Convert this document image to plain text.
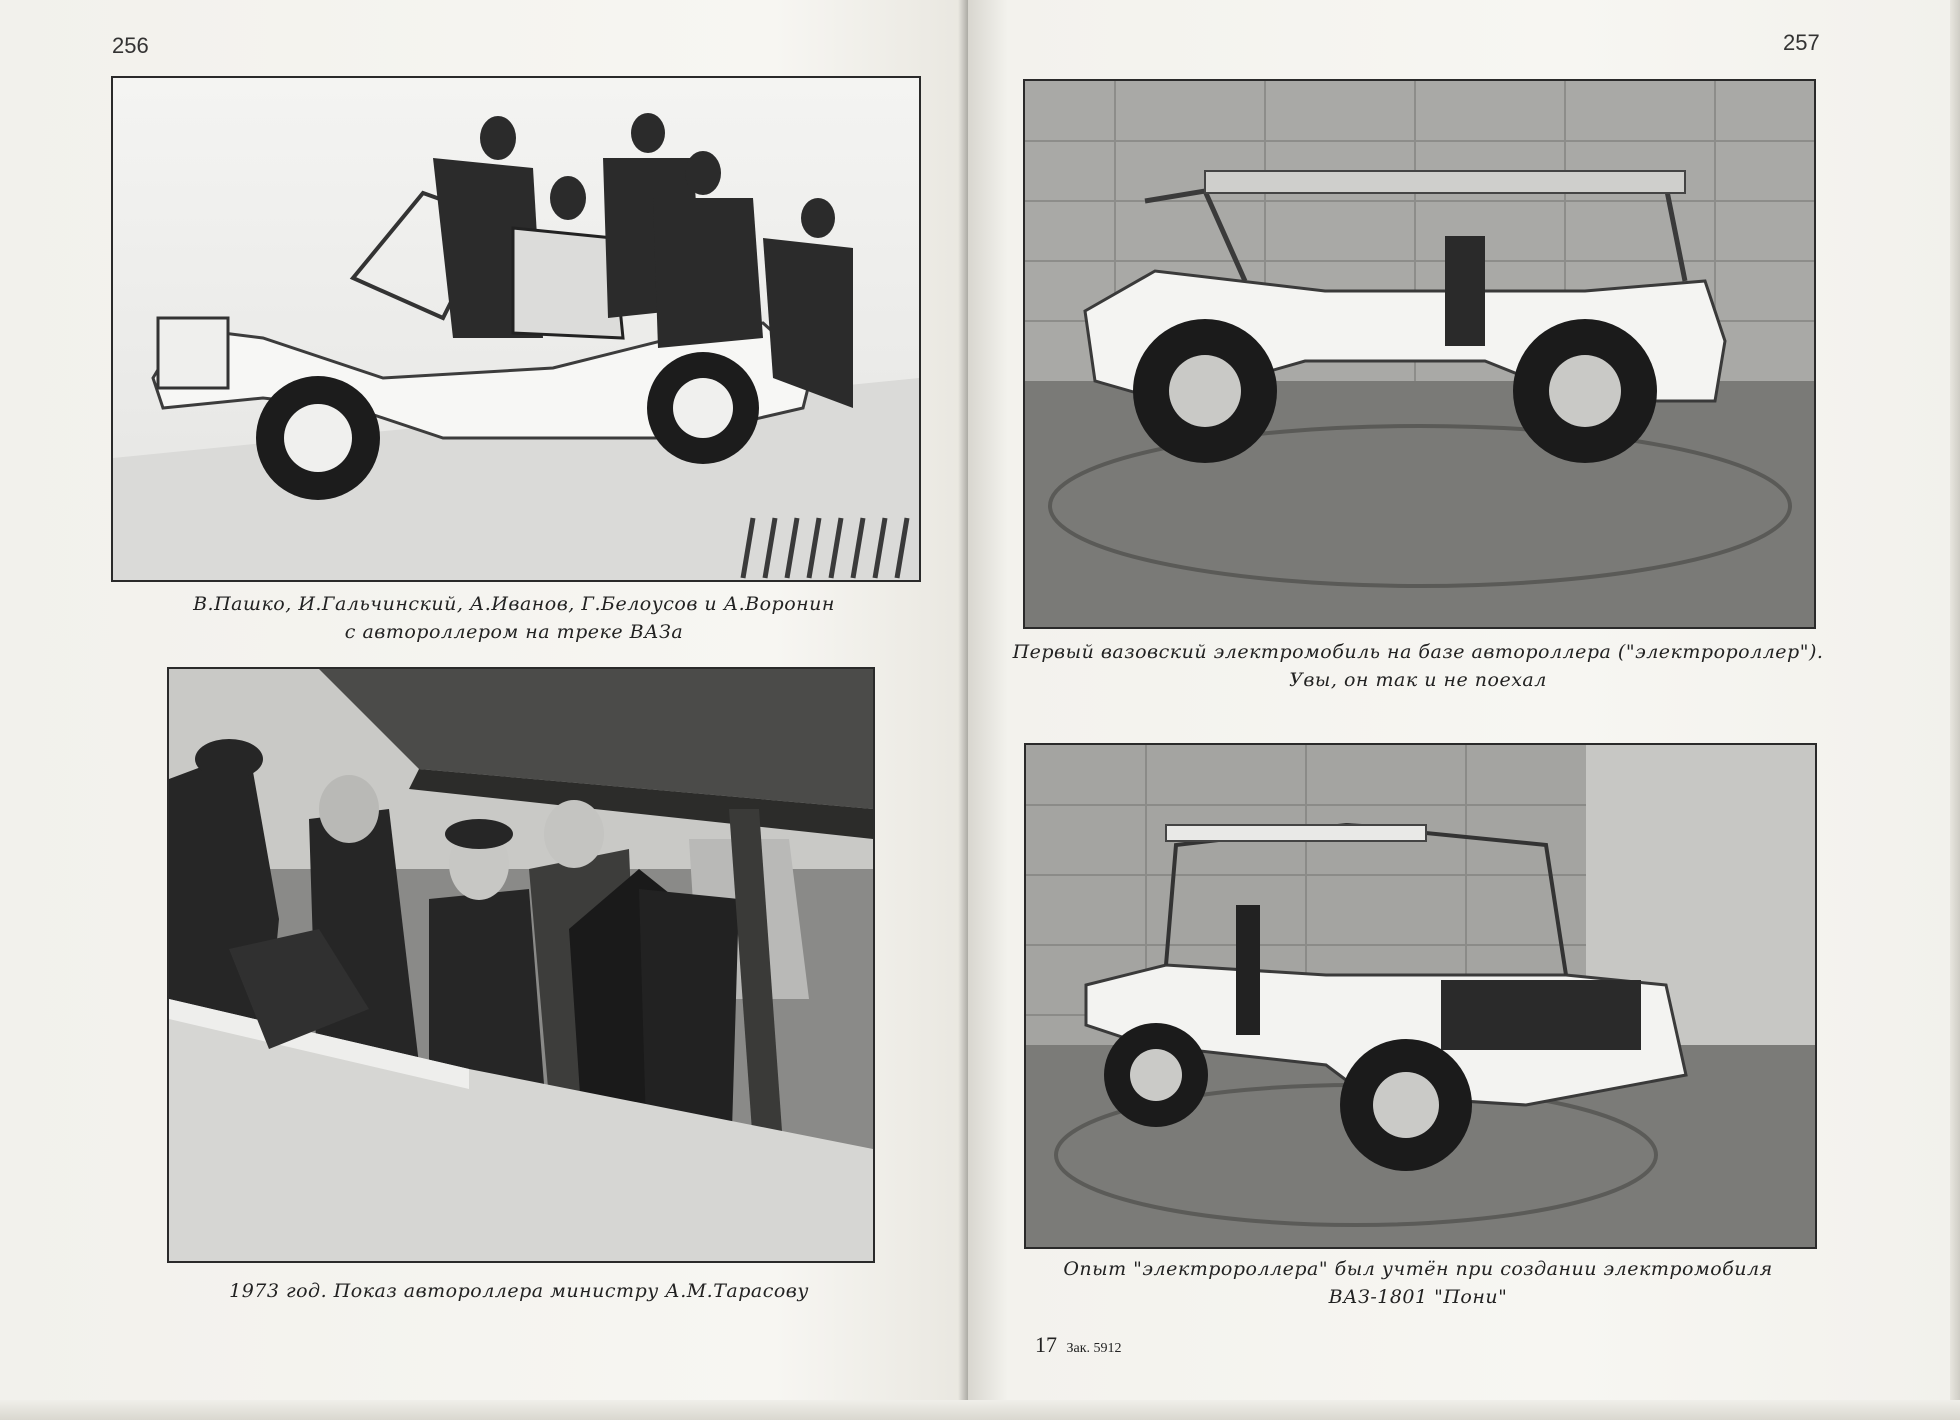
256
В.Пашко, И.Гальчинский, А.Иванов, Г.Белоусов и А.Воронин
с автороллером на треке ВАЗа
1973 год. Показ автороллера министру А.М.Тарасову
257
Первый вазовский электромобиль на базе автороллера ("электророллер").
Увы, он так и не поехал
Опыт "электророллера" был учтён при создании электромобиля
ВАЗ-1801 "Пони"
17 Зак. 5912
